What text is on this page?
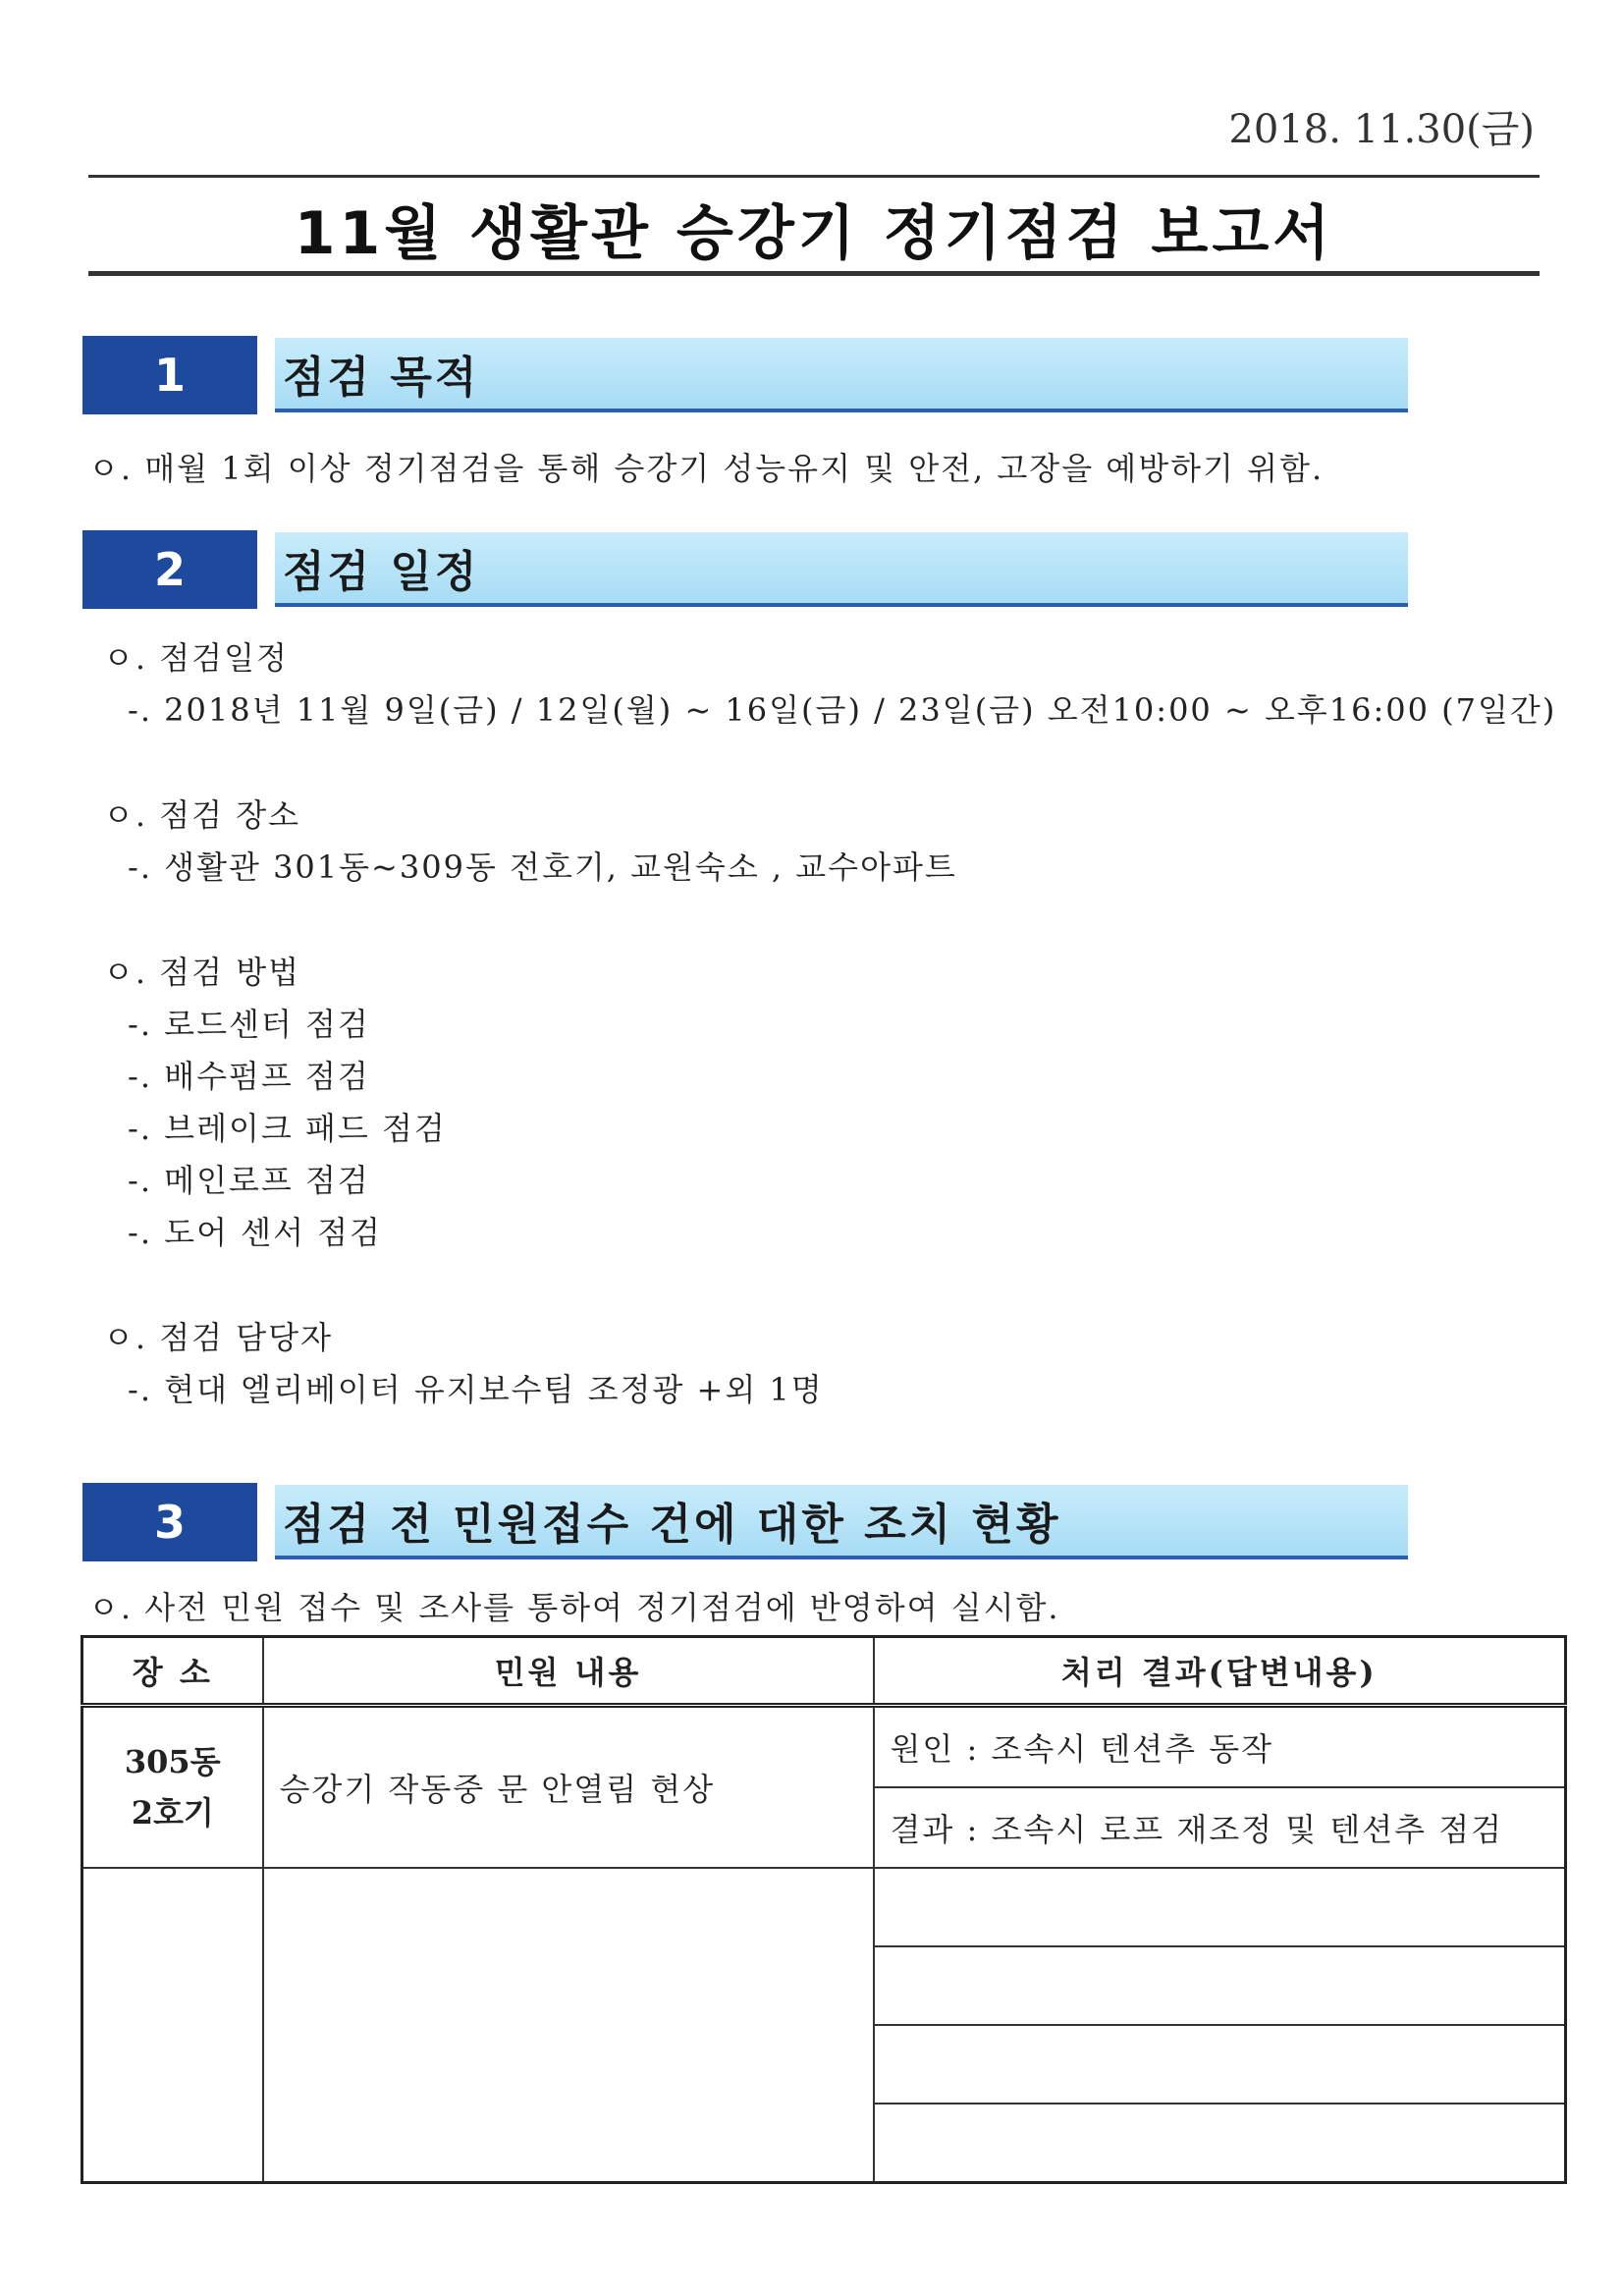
2018. 11.30(금)
11월 생활관 승강기 정기점검 보고서
1	점검 목적
ㅇ. 매월 1회 이상 정기점검을 통해 승강기 성능유지 및 안전, 고장을 예방하기 위함.
2	점검 일정
ㅇ. 점검일정
-. 2018년 11월 9일(금) / 12일(월) ~ 16일(금) / 23일(금) 오전10:00 ~ 오후16:00 (7일간)
ㅇ. 점검 장소
-. 생활관 301동~309동 전호기, 교원숙소 , 교수아파트
ㅇ. 점검 방법
-. 로드센터 점검
-. 배수펌프 점검
-. 브레이크 패드 점검
-. 메인로프 점검
-. 도어 센서 점검
ㅇ. 점검 담당자
-. 현대 엘리베이터 유지보수팀 조정광 +외 1명
3	점검 전 민원접수 건에 대한 조치 현황
ㅇ. 사전 민원 접수 및 조사를 통하여 정기점검에 반영하여 실시함.
장 소	민원 내용	처리 결과(답변내용)

305동
2호기	승강기 작동중 문 안열림 현상	원인 : 조속시 텐션추 동작
		결과 : 조속시 로프 재조정 및 텐션추 점검
